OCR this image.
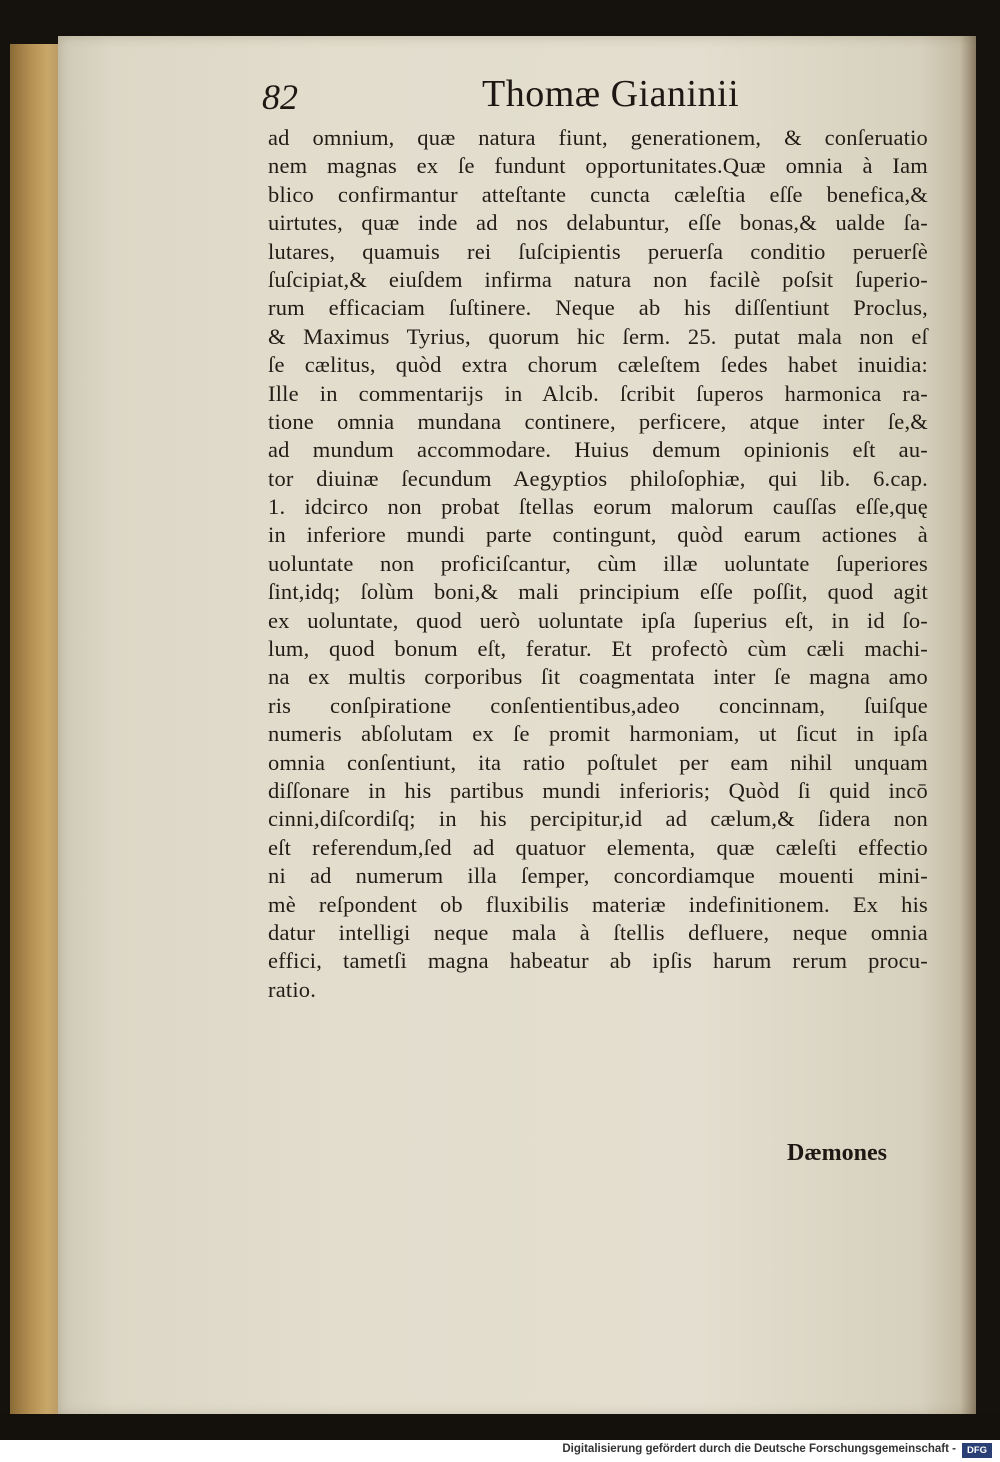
82	Thomæ Gianinii
ad omnium, quæ natura fiunt, generationem, & conſeruatio
nem magnas ex ſe fundunt opportunitates.Quæ omnia à Iam
blico confirmantur atteſtante cuncta cæleſtia eſſe benefica,&
uirtutes, quæ inde ad nos delabuntur, eſſe bonas,& ualde ſa-
lutares, quamuis rei ſuſcipientis peruerſa conditio peruerſè
ſuſcipiat,& eiuſdem infirma natura non facilè poſsit ſuperio-
rum efficaciam ſuſtinere. Neque ab his diſſentiunt Proclus,
& Maximus Tyrius, quorum hic ſerm. 25. putat mala non eſ
ſe cælitus, quòd extra chorum cæleſtem ſedes habet inuidia:
Ille in commentarijs in Alcib. ſcribit ſuperos harmonica ra-
tione omnia mundana continere, perficere, atque inter ſe,&
ad mundum accommodare. Huius demum opinionis eſt au-
tor diuinæ ſecundum Aegyptios philoſophiæ, qui lib. 6.cap.
1. idcirco non probat ſtellas eorum malorum cauſſas eſſe,quę
in inferiore mundi parte contingunt, quòd earum actiones à
uoluntate non proficiſcantur, cùm illæ uoluntate ſuperiores
ſint,idq; ſolùm boni,& mali principium eſſe poſſit, quod agit
ex uoluntate, quod uerò uoluntate ipſa ſuperius eſt, in id ſo-
lum, quod bonum eſt, feratur. Et profectò cùm cæli machi-
na ex multis corporibus ſit coagmentata inter ſe magna amo
ris conſpiratione conſentientibus,adeo concinnam, ſuiſque
numeris abſolutam ex ſe promit harmoniam, ut ſicut in ipſa
omnia conſentiunt, ita ratio poſtulet per eam nihil unquam
diſſonare in his partibus mundi inferioris; Quòd ſi quid incō
cinni,diſcordiſq; in his percipitur,id ad cælum,& ſidera non
eſt referendum,ſed ad quatuor elementa, quæ cæleſti effectio
ni ad numerum illa ſemper, concordiamque mouenti mini-
mè reſpondent ob fluxibilis materiæ indefinitionem. Ex his
datur intelligi neque mala à ſtellis defluere, neque omnia
effici, tametſi magna habeatur ab ipſis harum rerum procu-
ratio.
Dæmones
Digitalisierung gefördert durch die Deutsche Forschungsgemeinschaft -	DFG
